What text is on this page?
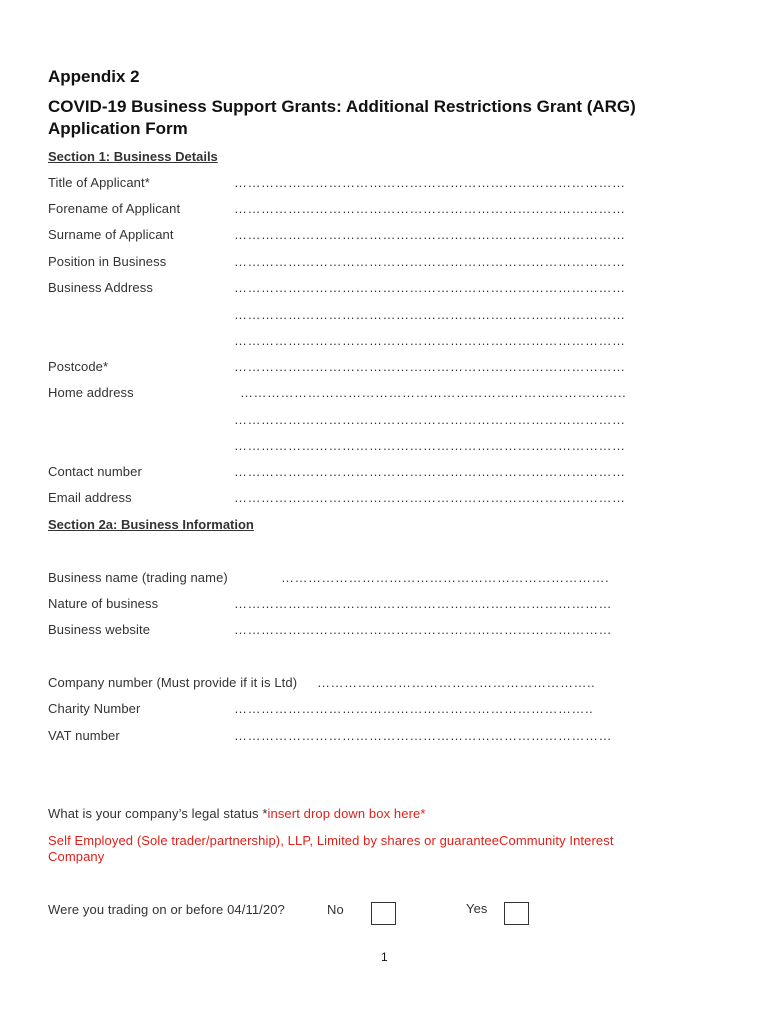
Appendix 2
COVID-19 Business Support Grants: Additional Restrictions Grant (ARG)
Application Form
Section 1: Business Details
Title of Applicant*	……………………………………………………………………………
Forename of Applicant	……………………………………………………………………………
Surname of Applicant	……………………………………………………………………………
Position in Business	……………………………………………………………………………
Business Address	……………………………………………………………………………
……………………………………………………………………………
……………………………………………………………………………
Postcode*	……………………………………………………………………………
Home address	…………………………………………………………………………..
……………………………………………………………………………
……………………………………………………………………………
Contact number	……………………………………………………………………………
Email address	……………………………………………………………………………
Section 2a: Business Information
Business name (trading name)	……………………………………………………………….
Nature of business	…………………………………………………………………………
Business website	…………………………………………………………………………
Company number (Must provide if it is Ltd) ……………………………………………………..
Charity Number	……………………………………………………………………..
VAT number	…………………………………………………………………………
What is your company’s legal status *insert drop down box here*
Self Employed (Sole trader/partnership), LLP, Limited by shares or guaranteeCommunity Interest
Company
Were you trading on or before 04/11/20?	No	Yes
1
